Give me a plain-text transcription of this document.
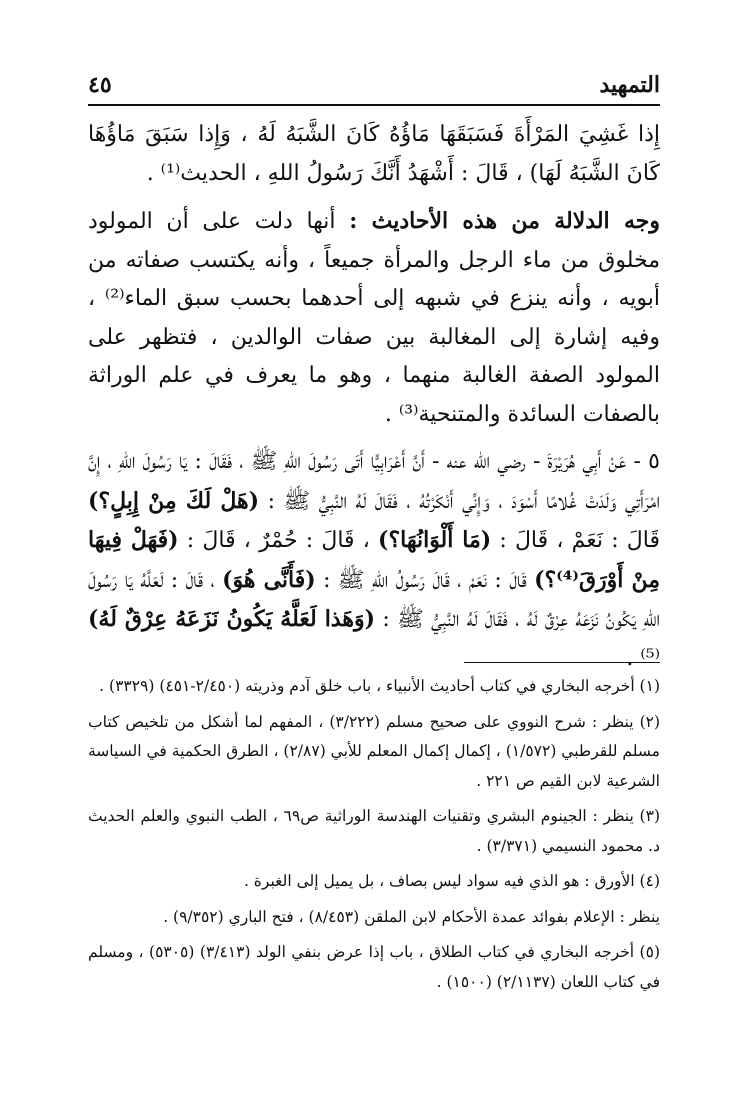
التمهيد
٤٥

إِذا غَشِيَ المَرْأَةَ فَسَبَقَهَا مَاؤُهُ كَانَ الشَّبَهُ لَهُ ، وَإِذا سَبَقَ مَاؤُهَا كَانَ الشَّبَهُ لَهَا) ، قَالَ : أَشْهَدُ أَنَّكَ رَسُولُ اللهِ ، الحديث⁽¹⁾ .

وجه الدلالة من هذه الأحاديث : أنها دلت على أن المولود مخلوق من ماء الرجل والمرأة جميعاً ، وأنه يكتسب صفاته من أبويه ، وأنه ينزع في شبهه إلى أحدهما بحسب سبق الماء⁽²⁾ ، وفيه إشارة إلى المغالبة بين صفات الوالدين ، فتظهر على المولود الصفة الغالبة منهما ، وهو ما يعرف في علم الوراثة بالصفات السائدة والمتنحية⁽³⁾ .

٥ - عَنْ أَبِي هُرَيْرَةَ - رضي الله عنه - أَنَّ أَعْرَابِيًّا أَتَى رَسُولَ اللهِ ﷺ ، فَقَالَ : يَا رَسُولَ اللهِ ، إِنَّ امْرَأَتِي وَلَدَتْ غُلامًا أَسْوَدَ ، وَإِنِّي أَنْكَرْتُهُ ، فَقَالَ لَهُ النَّبِيُّ ﷺ : (هَلْ لَكَ مِنْ إِبِلٍ؟) قَالَ : نَعَمْ ، قَالَ : (مَا أَلْوَانُهَا؟) ، قَالَ : حُمْرٌ ، قَالَ : (فَهَلْ فِيهَا مِنْ أَوْرَقَ⁽⁴⁾؟) قَالَ : نَعَمْ ، قَالَ رَسُولُ اللهِ ﷺ : (فَأَنَّى هُوَ) ، قَالَ : لَعَلَّهُ يَا رَسُولَ اللهِ يَكُونُ نَزَعَهُ عِرْقٌ لَهُ ، فَقَالَ لَهُ النَّبِيُّ ﷺ : (وَهَذا لَعَلَّهُ يَكُونُ نَزَعَهُ عِرْقٌ لَهُ)⁽⁵⁾ .

(١) أخرجه البخاري في كتاب أحاديث الأنبياء ، باب خلق آدم وذريته (٢/٤٥٠-٤٥١) (٣٣٢٩) .

(٢) ينظر : شرح النووي على صحيح مسلم (٣/٢٢٢) ، المفهم لما أشكل من تلخيص كتاب مسلم للقرطبي (١/٥٧٢) ، إكمال إكمال المعلم للأبي (٢/٨٧) ، الطرق الحكمية في السياسة الشرعية لابن القيم ص ٢٢١ .

(٣) ينظر : الجينوم البشري وتقنيات الهندسة الوراثية ص٦٩ ، الطب النبوي والعلم الحديث د. محمود النسيمي (٣/٣٧١) .

(٤) الأورق : هو الذي فيه سواد ليس بصاف ، بل يميل إلى الغبرة .

ينظر : الإعلام بفوائد عمدة الأحكام لابن الملقن (٨/٤٥٣) ، فتح الباري (٩/٣٥٢) .

(٥) أخرجه البخاري في كتاب الطلاق ، باب إذا عرض بنفي الولد (٣/٤١٣) (٥٣٠٥) ، ومسلم في كتاب اللعان (٢/١١٣٧) (١٥٠٠) .
